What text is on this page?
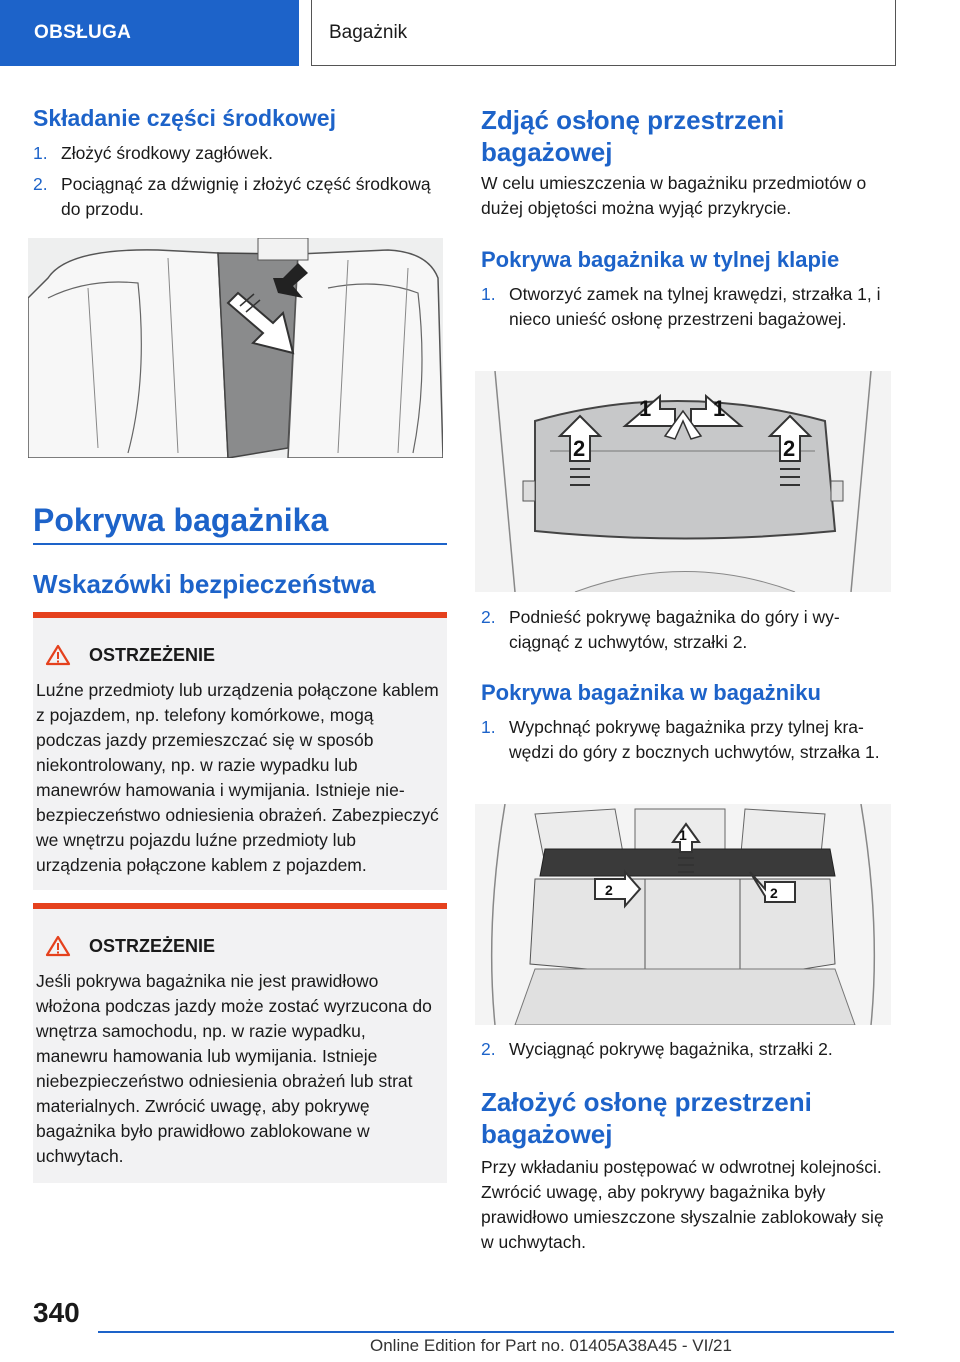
OBSŁUGA	Bagażnik
Składanie części środkowej
1. Złożyć środkowy zagłówek.
2. Pociągnąć za dźwignię i złożyć część środkową do przodu.
Pokrywa bagażnika
Wskazówki bezpieczeństwa
OSTRZEŻENIE
Luźne przedmioty lub urządzenia połączone kablem z pojazdem, np. telefony komórkowe, mogą podczas jazdy przemieszczać się w sposób niekontrolowany, np. w razie wypadku lub manewrów hamowania i wymijania. Istnieje niebezpieczeństwo odniesienia obrażeń. Zabezpieczyć we wnętrzu pojazdu luźne przedmioty lub urządzenia połączone kablem z pojazdem.
OSTRZEŻENIE
Jeśli pokrywa bagażnika nie jest prawidłowo włożona podczas jazdy może zostać wyrzucona do wnętrza samochodu, np. w razie wypadku, manewru hamowania lub wymijania. Istnieje niebezpieczeństwo odniesienia obrażeń lub strat materialnych. Zwrócić uwagę, aby pokrywę bagażnika było prawidłowo zablokowane w uchwytach.
Zdjąć osłonę przestrzeni bagażowej

W celu umieszczenia w bagażniku przedmiotów o dużej objętości można wyjąć przykrycie.

Pokrywa bagażnika w tylnej klapie
1. Otworzyć zamek na tylnej krawędzi, strzałka 1, i nieco unieść osłonę przestrzeni bagażowej.
1	1
2	2
2. Podnieść pokrywę bagażnika do góry i wyciągnąć z uchwytów, strzałki 2.
Pokrywa bagażnika w bagażniku
1. Wypchnąć pokrywę bagażnika przy tylnej krawędzi do góry z bocznych uchwytów, strzałka 1.
1
2	2
2. Wyciągnąć pokrywę bagażnika, strzałki 2.
Założyć osłonę przestrzeni bagażowej

Przy wkładaniu postępować w odwrotnej kolejności. Zwrócić uwagę, aby pokrywy bagażnika były prawidłowo umieszczone słyszalnie zablokowały się w uchwytach.

340
Online Edition for Part no. 01405A38A45 - VI/21
